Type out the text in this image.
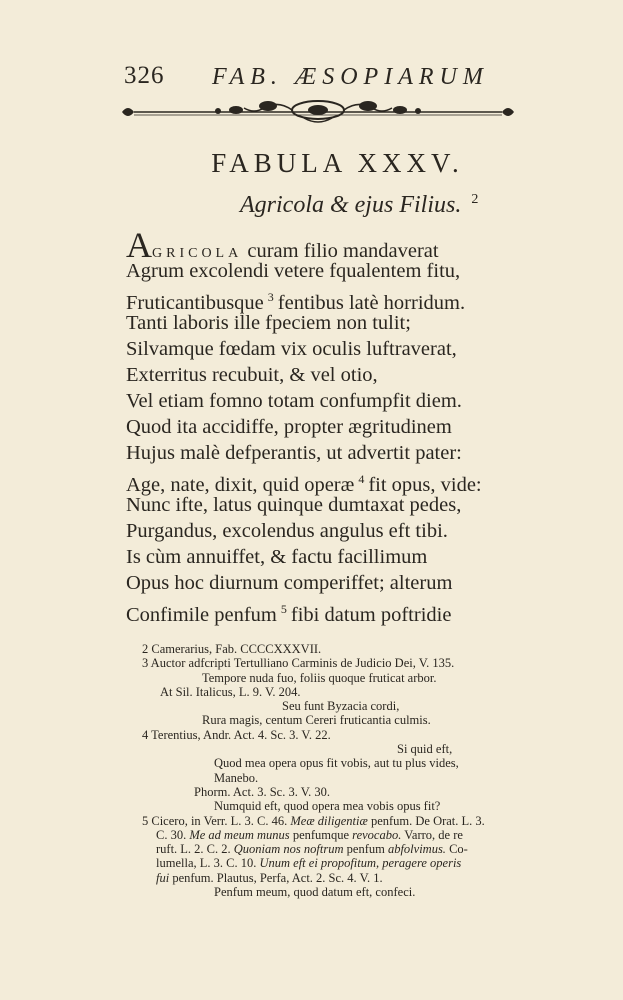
326 FAB. ÆSOPIARUM
FABULA XXXV.
Agricola & ejus Filius. $^2$
AGRICOLA curam filio mandaverat
Agrum excolendi vetere fqualentem fitu,
Fruticantibusque $^3$ fentibus latè horridum.
Tanti laboris ille fpeciem non tulit;
Silvamque fœdam vix oculis luftraverat,
Exterritus recubuit, & vel otio,
Vel etiam fomno totam confumpfit diem.
Quod ita accidiffe, propter ægritudinem
Hujus malè defperantis, ut advertit pater:
Age, nate, dixit, quid operæ $^4$ fit opus, vide:
Nunc ifte, latus quinque dumtaxat pedes,
Purgandus, excolendus angulus eft tibi.
Is cùm annuiffet, & factu facillimum
Opus hoc diurnum comperiffet; alterum
Confimile penfum $^5$ fibi datum poftridie
2 Camerarius, Fab. CCCCXXXVII.
3 Auctor adfcripti Tertulliano Carminis de Judicio Dei, V. 135.
Tempore nuda fuo, foliis quoque fruticat arbor.
At Sil. Italicus, L. 9. V. 204.
Seu funt Byzacia cordi,
Rura magis, centum Cereri fruticantia culmis.
4 Terentius, Andr. Act. 4. Sc. 3. V. 22.
Si quid eft,
Quod mea opera opus fit vobis, aut tu plus vides,
Manebo.
Phorm. Act. 3. Sc. 3. V. 30.
Numquid eft, quod opera mea vobis opus fit?
5 Cicero, in Verr. L. 3. C. 46. Meæ diligentiæ penfum. De Orat. L. 3.
C. 30. Me ad meum munus penfumque revocabo. Varro, de re
ruft. L. 2. C. 2. Quoniam nos noftrum penfum abfolvimus. Co-
lumella, L. 3. C. 10. Unum eft ei propofitum, peragere operis
fui penfum. Plautus, Perfa, Act. 2. Sc. 4. V. 1.
Penfum meum, quod datum eft, confeci.
